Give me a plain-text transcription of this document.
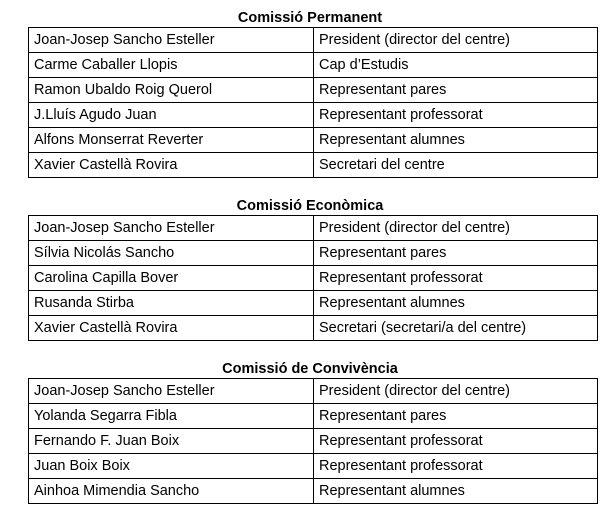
Comissió Permanent
Joan-Josep Sancho Esteller	President (director del centre)
Carme Caballer Llopis	Cap d’Estudis
Ramon Ubaldo Roig Querol	Representant pares
J.Lluís Agudo Juan	Representant professorat
Alfons Monserrat Reverter	Representant alumnes
Xavier Castellà Rovira	Secretari del centre
Comissió Econòmica
Joan-Josep Sancho Esteller	President (director del centre)
Sílvia Nicolás Sancho	Representant pares
Carolina Capilla Bover	Representant professorat
Rusanda Stirba	Representant alumnes
Xavier Castellà Rovira	Secretari (secretari/a del centre)
Comissió de Convivència
Joan-Josep Sancho Esteller	President (director del centre)
Yolanda Segarra Fibla	Representant pares
Fernando F. Juan Boix	Representant professorat
Juan Boix Boix	Representant professorat
Ainhoa Mimendia Sancho	Representant alumnes
